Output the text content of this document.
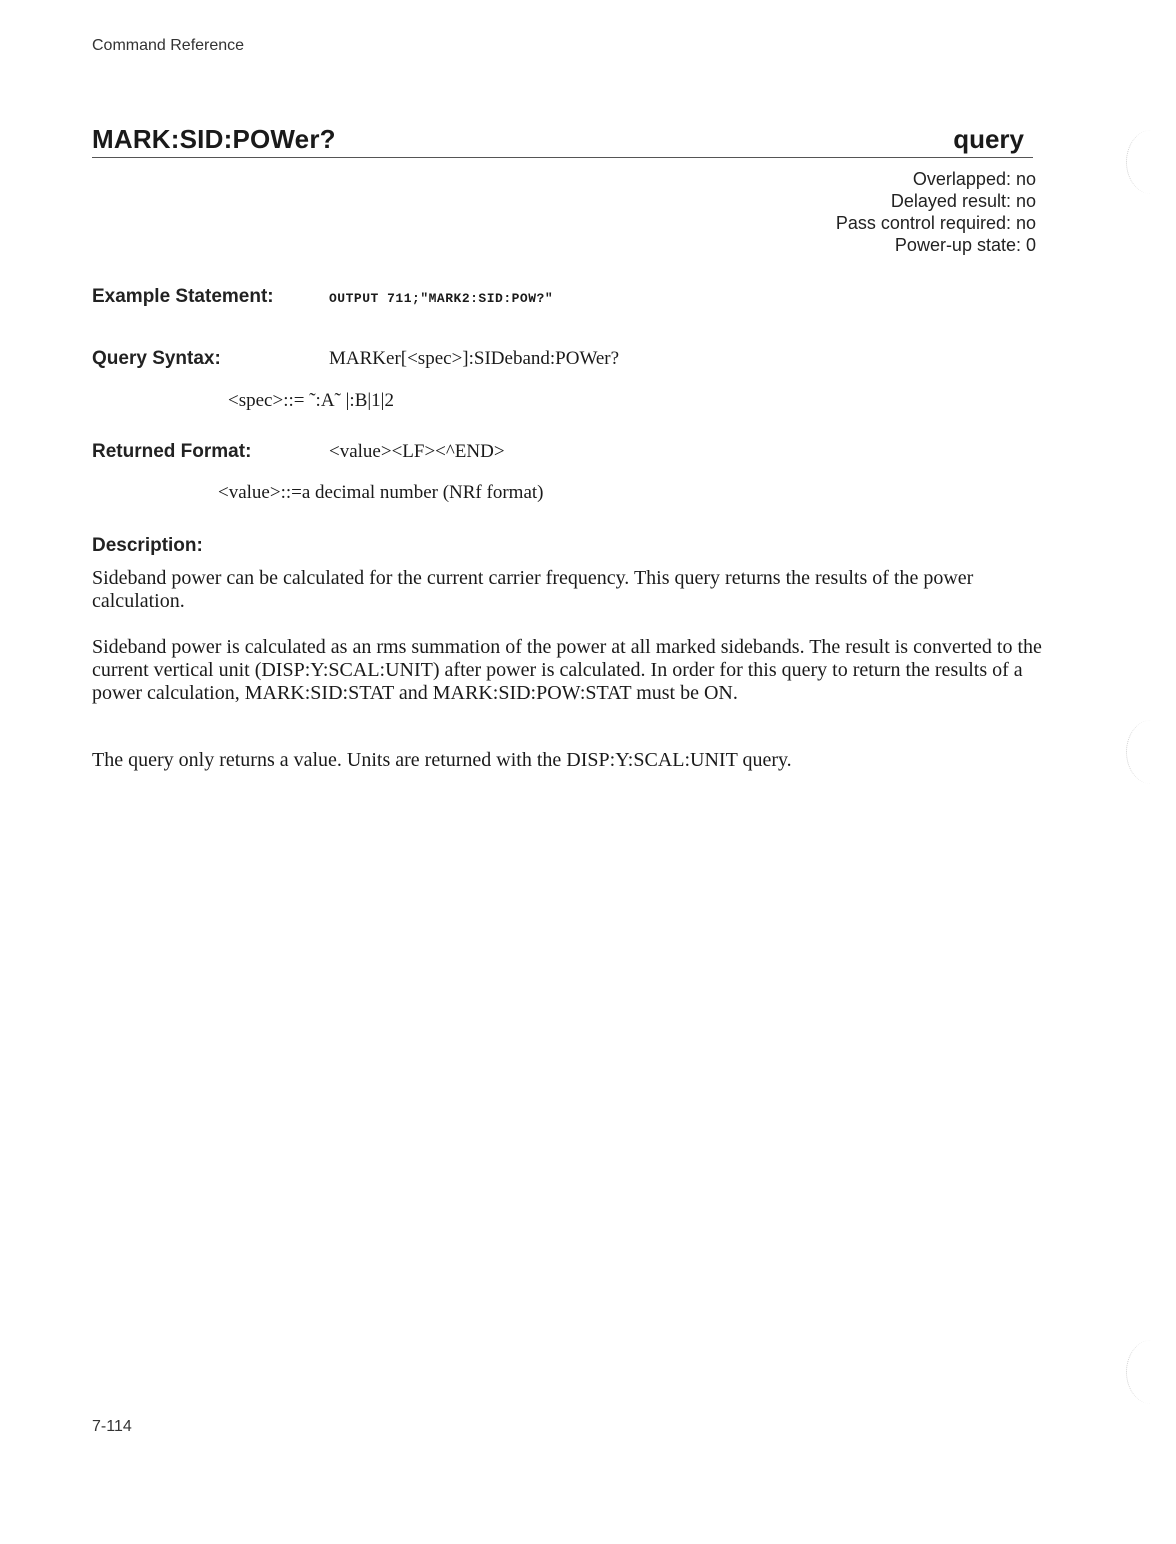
Command Reference
MARK:SID:POWer?	query
Overlapped: no
Delayed result: no
Pass control required: no
Power-up state: 0
Example Statement:	OUTPUT 711;"MARK2:SID:POW?"
Query Syntax:	MARKer[<spec>]:SIDeband:POWer?
<spec>::= ˜:A˜ |:B|1|2
Returned Format:	<value><LF><^END>
<value>::=a decimal number (NRf format)
Description:
Sideband power can be calculated for the current carrier frequency. This query returns the results of the power calculation.
Sideband power is calculated as an rms summation of the power at all marked sidebands. The result is converted to the current vertical unit (DISP:Y:SCAL:UNIT) after power is calculated. In order for this query to return the results of a power calculation, MARK:SID:STAT and MARK:SID:POW:STAT must be ON.
The query only returns a value. Units are returned with the DISP:Y:SCAL:UNIT query.
7-114
